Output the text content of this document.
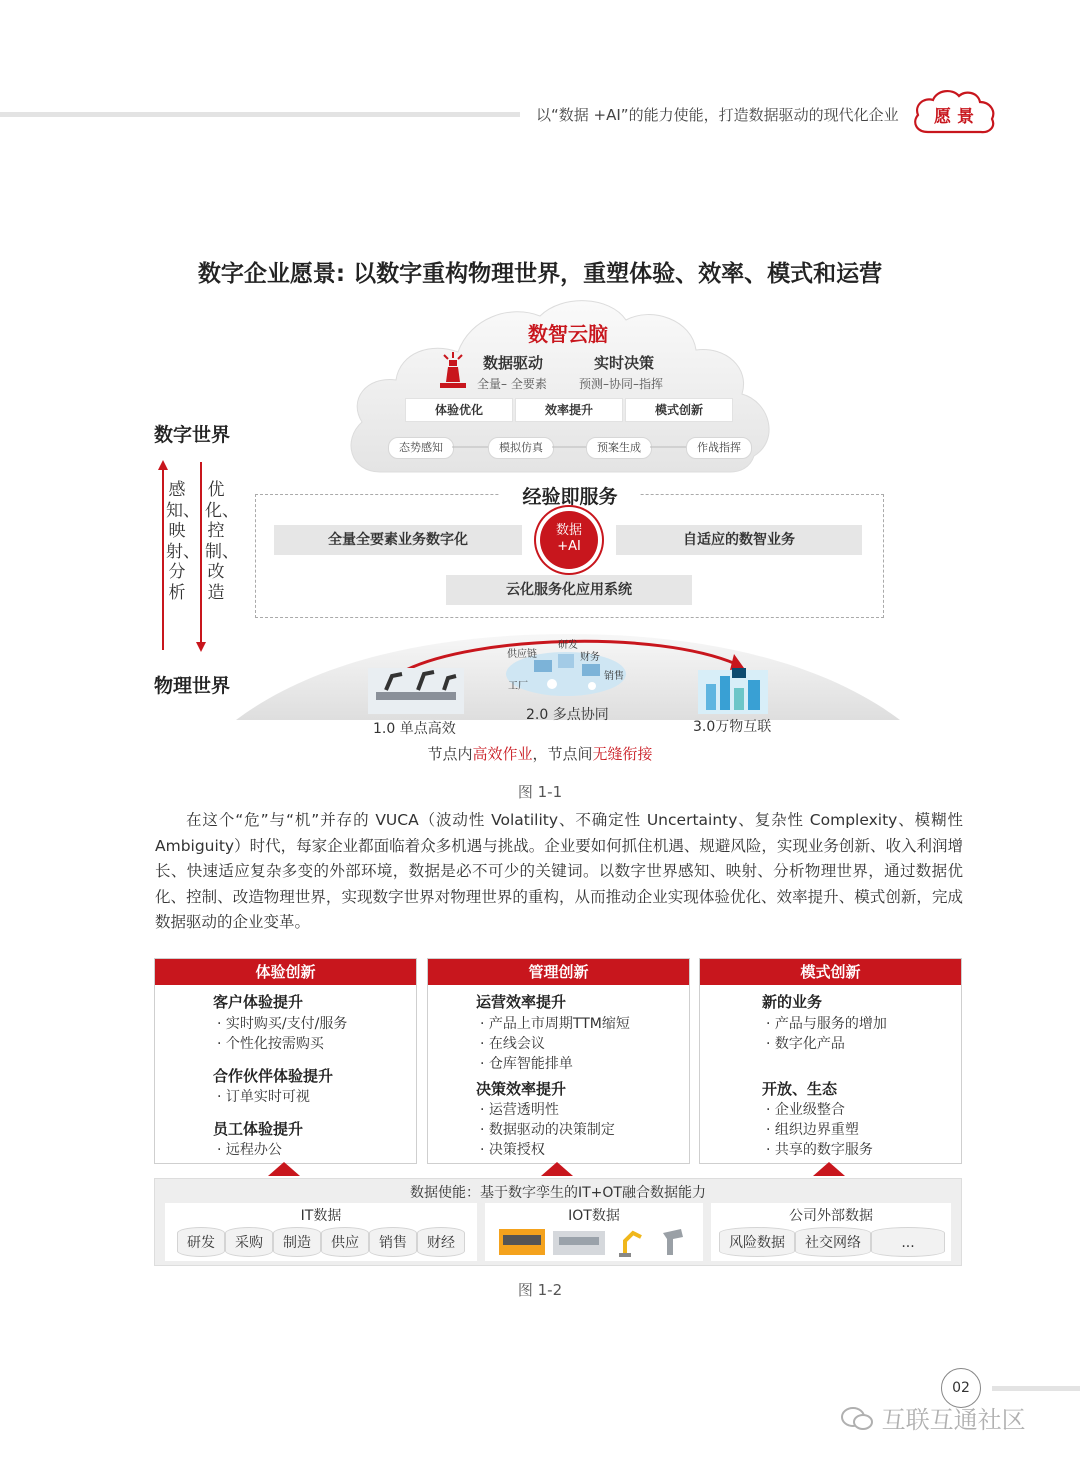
以“数据 +AI”的能力使能，打造数据驱动的现代化企业	愿 景
数字企业愿景: 以数字重构物理世界，重塑体验、效率、模式和运营
数智云脑
数据驱动
全量– 全要素
实时决策
预测–协同–指挥
体验优化	效率提升	模式创新
态势感知	模拟仿真	预案生成	作战指挥
数字世界
物理世界
感知、映射、分析
优化、控制、改造
经验即服务
全量全要素业务数字化	自适应的数智业务
云化服务化应用系统
数据
+AI
研发
供应链	财务
销售
工厂
1.0 单点高效
2.0 多点协同
3.0万物互联
节点内高效作业，节点间无缝衔接
图 1-1
在这个“危”与“机”并存的 VUCA（波动性 Volatility、不确定性 Uncertainty、复杂性 Complexity、模糊性 Ambiguity）时代，每家企业都面临着众多机遇与挑战。企业要如何抓住机遇、规避风险，实现业务创新、收入利润增长、快速适应复杂多变的外部环境，数据是必不可少的关键词。以数字世界感知、映射、分析物理世界，通过数据优化、控制、改造物理世界，实现数字世界对物理世界的重构，从而推动企业实现体验优化、效率提升、模式创新，完成数据驱动的企业变革。
体验创新
客户体验提升
· 实时购买/支付/服务
· 个性化按需购买
合作伙伴体验提升
· 订单实时可视
员工体验提升
· 远程办公
管理创新
运营效率提升
· 产品上市周期TTM缩短
· 在线会议
· 仓库智能排单
决策效率提升
· 运营透明性
· 数据驱动的决策制定
· 决策授权
模式创新
新的业务
· 产品与服务的增加
· 数字化产品
开放、生态
· 企业级整合
· 组织边界重塑
· 共享的数字服务
数据使能：基于数字孪生的IT+OT融合数据能力
IT数据
研发	采购	制造	供应	销售	财经
IOT数据	公司外部数据
风险数据	社交网络	...
图 1-2
02
互联互通社区
